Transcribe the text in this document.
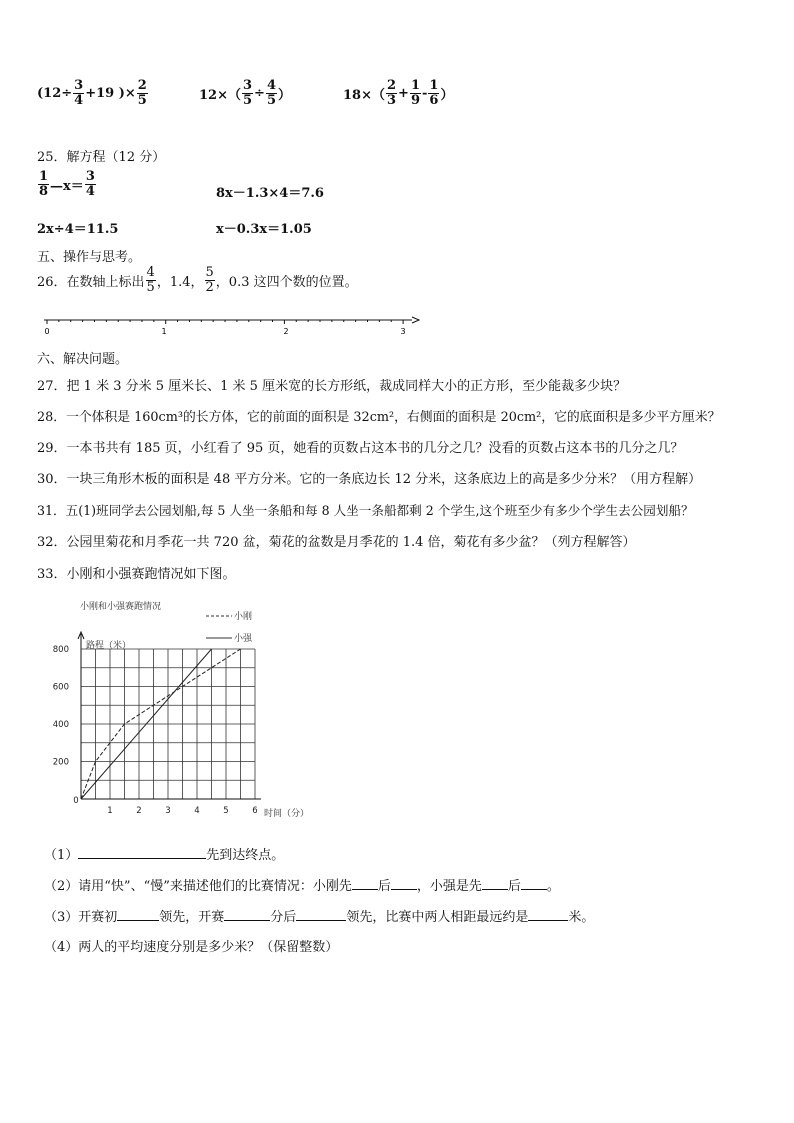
($12\div \frac{3}{4} +19$ )× $\frac{2}{5}$	$12\times( \frac{3}{5} \div \frac{4}{5}$ ）	$18\times( \frac{2}{3} + \frac{1}{9} - \frac{1}{6}$ ）
25．解方程（12 分）
$\frac{1}{8}$ —x＝ $\frac{3}{4}$	8x－1.3×4＝7.6
2x÷4＝11.5	x－0.3x＝1.05
五、操作与思考。
26．在数轴上标出 $\frac{4}{5}$ ，1.4， $\frac{5}{2}$ ，0.3 这四个数的位置。
0	1	2	3
六、解决问题。
27．把 1 米 3 分米 5 厘米长、1 米 5 厘米宽的长方形纸，裁成同样大小的正方形，至少能裁多少块？
28．一个体积是 160cm³的长方体，它的前面的面积是 32cm²，右侧面的面积是 20cm²，它的底面积是多少平方厘米？
29．一本书共有 185 页，小红看了 95 页，她看的页数占这本书的几分之几？没看的页数占这本书的几分之几？
30．一块三角形木板的面积是 48 平方分米。它的一条底边长 12 分米，这条底边上的高是多少分米？（用方程解）
31．五(1)班同学去公园划船,每 5 人坐一条船和每 8 人坐一条船都剩 2 个学生,这个班至少有多少个学生去公园划船？
32．公园里菊花和月季花一共 720 盆，菊花的盆数是月季花的 1.4 倍，菊花有多少盆？（列方程解答）
33．小刚和小强赛跑情况如下图。
小刚和小强赛跑情况
小刚
小强
路程（米）
0
1	2	3	4	5	6
200
400
600
800
时间（分）
（1）	先到达终点。
（2）请用“快”、“慢”来描述他们的比赛情况：小刚先 后 ，小强是先 后 。
（3）开赛初	领先，开赛	分后	领先，比赛中两人相距最远约是	米。
（4）两人的平均速度分别是多少米？（保留整数）
